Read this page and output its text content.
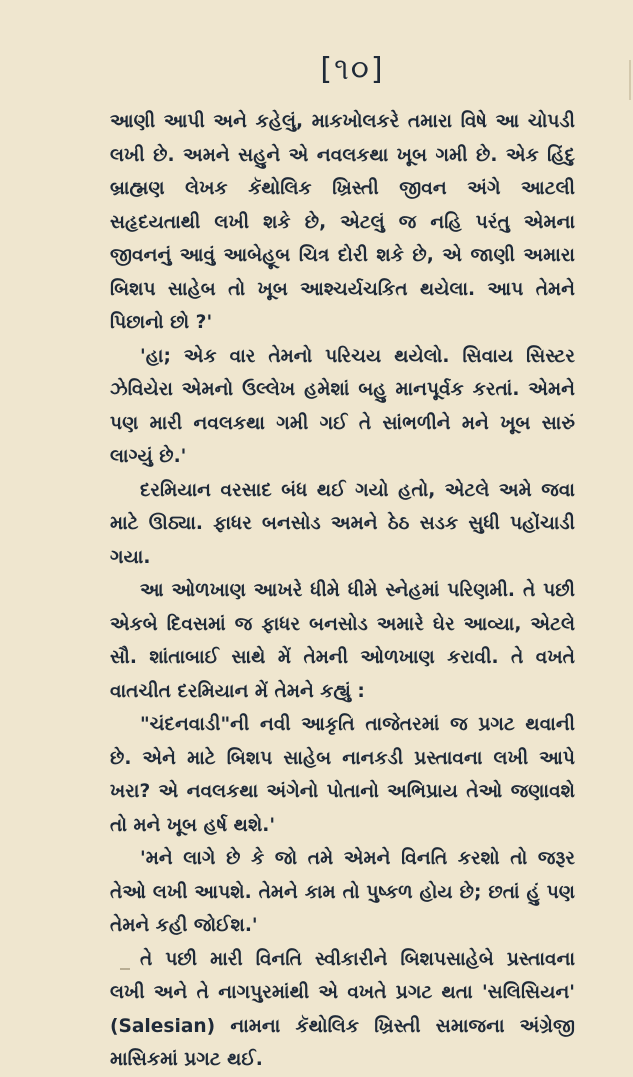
[૧૦]

આણી આપી અને કહેલું, માકખોલકરે તમારા વિષે આ ચોપડી લખી છે. અમને સહુને એ નવલકથા ખૂબ ગમી છે. એક હિંદુ બ્રાહ્મણ લેખક કૅથોલિક ખ્રિસ્તી જીવન અંગે આટલી સહૃદયતાથી લખી શકે છે, એટલું જ નહિ પરંતુ એમના જીવનનું આવું આબેહૂબ ચિત્ર દોરી શકે છે, એ જાણી અમારા બિશપ સાહેબ તો ખૂબ આશ્ચર્યચકિત થયેલા. આપ તેમને પિછાનો છો ?'

'હા; એક વાર તેમનો પરિચય થયેલો. સિવાય સિસ્ટર ઝેવિયેરા એમનો ઉલ્લેખ હમેશાં બહુ માનપૂર્વક કરતાં. એમને પણ મારી નવલકથા ગમી ગઈ તે સાંભળીને મને ખૂબ સારું લાગ્યું છે.'

દરમિયાન વરસાદ બંધ થઈ ગયો હતો, એટલે અમે જવા માટે ઊઠ્યા. ફાધર બનસોડ અમને ઠેઠ સડક સુધી પહોંચાડી ગયા.

આ ઓળખાણ આખરે ધીમે ધીમે સ્નેહમાં પરિણમી. તે પછી એકબે દિવસમાં જ ફાધર બનસોડ અમારે ઘેર આવ્યા, એટલે સૌ. શાંતાબાઈ સાથે મેં તેમની ઓળખાણ કરાવી. તે વખતે વાતચીત દરમિયાન મેં તેમને કહ્યું :

"ચંદનવાડી"ની નવી આકૃતિ તાજેતરમાં જ પ્રગટ થવાની છે. એને માટે બિશપ સાહેબ નાનકડી પ્રસ્તાવના લખી આપે ખરા? એ નવલકથા અંગેનો પોતાનો અભિપ્રાય તેઓ જણાવશે તો મને ખૂબ હર્ષ થશે.'

'મને લાગે છે કે જો તમે એમને વિનતિ કરશો તો જરૂર તેઓ લખી આપશે. તેમને કામ તો પુષ્કળ હોય છે; છતાં હું પણ તેમને કહી જોઈશ.'

તે પછી મારી વિનતિ સ્વીકારીને બિશપસાહેબે પ્રસ્તાવના લખી અને તે નાગપુરમાંથી એ વખતે પ્રગટ થતા 'સલિસિયન' (Salesian) નામના કૅથોલિક ખ્રિસ્તી સમાજના અંગ્રેજી માસિકમાં પ્રગટ થઈ.
